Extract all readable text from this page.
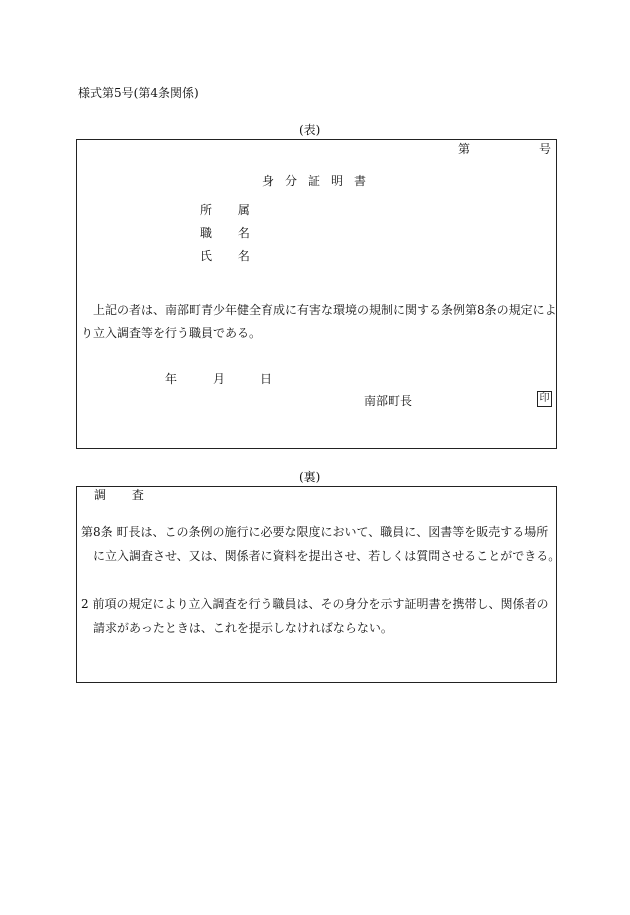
様式第5号(第4条関係)
(表)
第	号
身分証明書
所 属
職 名
氏 名
上記の者は、南部町青少年健全育成に有害な環境の規制に関する条例第8条の規定によ
り立入調査等を行う職員である。
年	月	日
南部町長	印
(裏)
調 査
第8条 町長は、この条例の施行に必要な限度において、職員に、図書等を販売する場所
に立入調査させ、又は、関係者に資料を提出させ、若しくは質問させることができる。
2 前項の規定により立入調査を行う職員は、その身分を示す証明書を携帯し、関係者の
請求があったときは、これを提示しなければならない。
